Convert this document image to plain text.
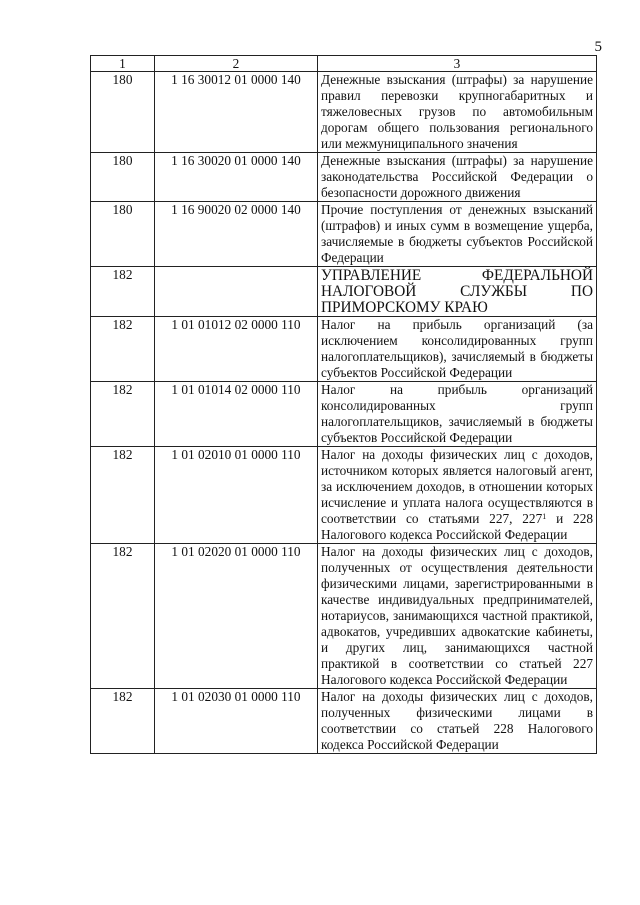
5
1	2	3
180	1 16 30012 01 0000 140	Денежные взыскания (штрафы) за нарушение правил перевозки крупногабаритных и тяжеловесных грузов по автомобильным дорогам общего пользования регионального или межмуниципального значения
180	1 16 30020 01 0000 140	Денежные взыскания (штрафы) за нарушение законодательства Российской Федерации о безопасности дорожного движения
180	1 16 90020 02 0000 140	Прочие поступления от денежных взысканий (штрафов) и иных сумм в возмещение ущерба, зачисляемые в бюджеты субъектов Российской Федерации
182		УПРАВЛЕНИЕ ФЕДЕРАЛЬНОЙ НАЛОГОВОЙ СЛУЖБЫ ПО ПРИМОРСКОМУ КРАЮ
182	1 01 01012 02 0000 110	Налог на прибыль организаций (за исключением консолидированных групп налогоплательщиков), зачисляемый в бюджеты субъектов Российской Федерации
182	1 01 01014 02 0000 110	Налог на прибыль организаций консолидированных групп налогоплательщиков, зачисляемый в бюджеты субъектов Российской Федерации
182	1 01 02010 01 0000 110	Налог на доходы физических лиц с доходов, источником которых является налоговый агент, за исключением доходов, в отношении которых исчисление и уплата налога осуществляются в соответствии со статьями 227, $227^1$ и 228 Налогового кодекса Российской Федерации
182	1 01 02020 01 0000 110	Налог на доходы физических лиц с доходов, полученных от осуществления деятельности физическими лицами, зарегистрированными в качестве индивидуальных предпринимателей, нотариусов, занимающихся частной практикой, адвокатов, учредивших адвокатские кабинеты, и других лиц, занимающихся частной практикой в соответствии со статьей 227 Налогового кодекса Российской Федерации
182	1 01 02030 01 0000 110	Налог на доходы физических лиц с доходов, полученных физическими лицами в соответствии со статьей 228 Налогового кодекса Российской Федерации
